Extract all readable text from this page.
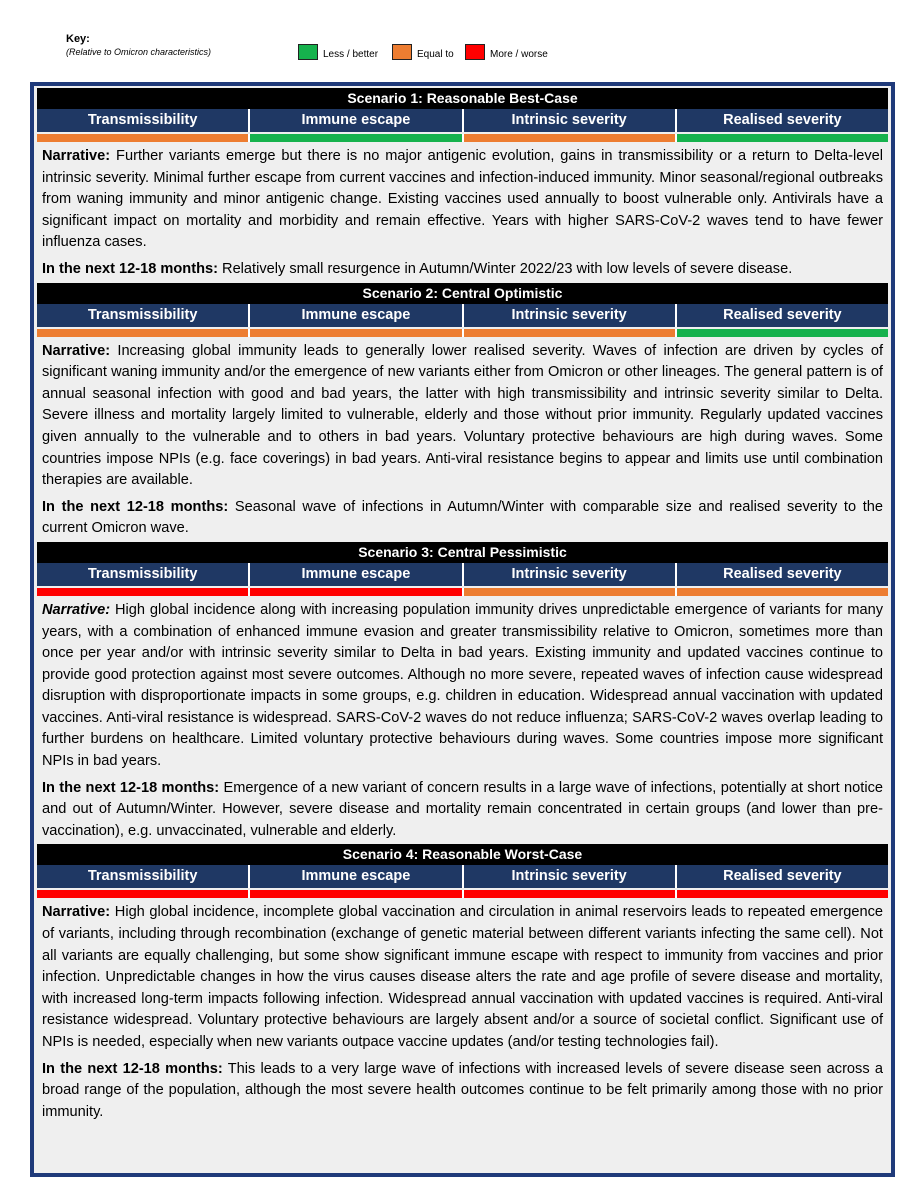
Key:
(Relative to Omicron characteristics)	Less / better	Equal to	More / worse
Scenario 1: Reasonable Best-Case
Transmissibility	Immune escape	Intrinsic severity	Realised severity
Narrative: Further variants emerge but there is no major antigenic evolution, gains in transmissibility or a return to Delta-level intrinsic severity. Minimal further escape from current vaccines and infection-induced immunity. Minor seasonal/regional outbreaks from waning immunity and minor antigenic change. Existing vaccines used annually to boost vulnerable only. Antivirals have a significant impact on mortality and morbidity and remain effective. Years with higher SARS-CoV-2 waves tend to have fewer influenza cases.
In the next 12-18 months: Relatively small resurgence in Autumn/Winter 2022/23 with low levels of severe disease.
Scenario 2: Central Optimistic
Transmissibility	Immune escape	Intrinsic severity	Realised severity
Narrative: Increasing global immunity leads to generally lower realised severity. Waves of infection are driven by cycles of significant waning immunity and/or the emergence of new variants either from Omicron or other lineages. The general pattern is of annual seasonal infection with good and bad years, the latter with high transmissibility and intrinsic severity similar to Delta. Severe illness and mortality largely limited to vulnerable, elderly and those without prior immunity. Regularly updated vaccines given annually to the vulnerable and to others in bad years. Voluntary protective behaviours are high during waves. Some countries impose NPIs (e.g. face coverings) in bad years. Anti-viral resistance begins to appear and limits use until combination therapies are available.
In the next 12-18 months: Seasonal wave of infections in Autumn/Winter with comparable size and realised severity to the current Omicron wave.
Scenario 3: Central Pessimistic
Transmissibility	Immune escape	Intrinsic severity	Realised severity
Narrative: High global incidence along with increasing population immunity drives unpredictable emergence of variants for many years, with a combination of enhanced immune evasion and greater transmissibility relative to Omicron, sometimes more than once per year and/or with intrinsic severity similar to Delta in bad years. Existing immunity and updated vaccines continue to provide good protection against most severe outcomes. Although no more severe, repeated waves of infection cause widespread disruption with disproportionate impacts in some groups, e.g. children in education. Widespread annual vaccination with updated vaccines. Anti-viral resistance is widespread. SARS-CoV-2 waves do not reduce influenza; SARS-CoV-2 waves overlap leading to further burdens on healthcare. Limited voluntary protective behaviours during waves. Some countries impose more significant NPIs in bad years.
In the next 12-18 months: Emergence of a new variant of concern results in a large wave of infections, potentially at short notice and out of Autumn/Winter. However, severe disease and mortality remain concentrated in certain groups (and lower than pre-vaccination), e.g. unvaccinated, vulnerable and elderly.
Scenario 4: Reasonable Worst-Case
Transmissibility	Immune escape	Intrinsic severity	Realised severity
Narrative: High global incidence, incomplete global vaccination and circulation in animal reservoirs leads to repeated emergence of variants, including through recombination (exchange of genetic material between different variants infecting the same cell). Not all variants are equally challenging, but some show significant immune escape with respect to immunity from vaccines and prior infection. Unpredictable changes in how the virus causes disease alters the rate and age profile of severe disease and mortality, with increased long-term impacts following infection. Widespread annual vaccination with updated vaccines is required. Anti-viral resistance widespread. Voluntary protective behaviours are largely absent and/or a source of societal conflict. Significant use of NPIs is needed, especially when new variants outpace vaccine updates (and/or testing technologies fail).
In the next 12-18 months: This leads to a very large wave of infections with increased levels of severe disease seen across a broad range of the population, although the most severe health outcomes continue to be felt primarily among those with no prior immunity.
